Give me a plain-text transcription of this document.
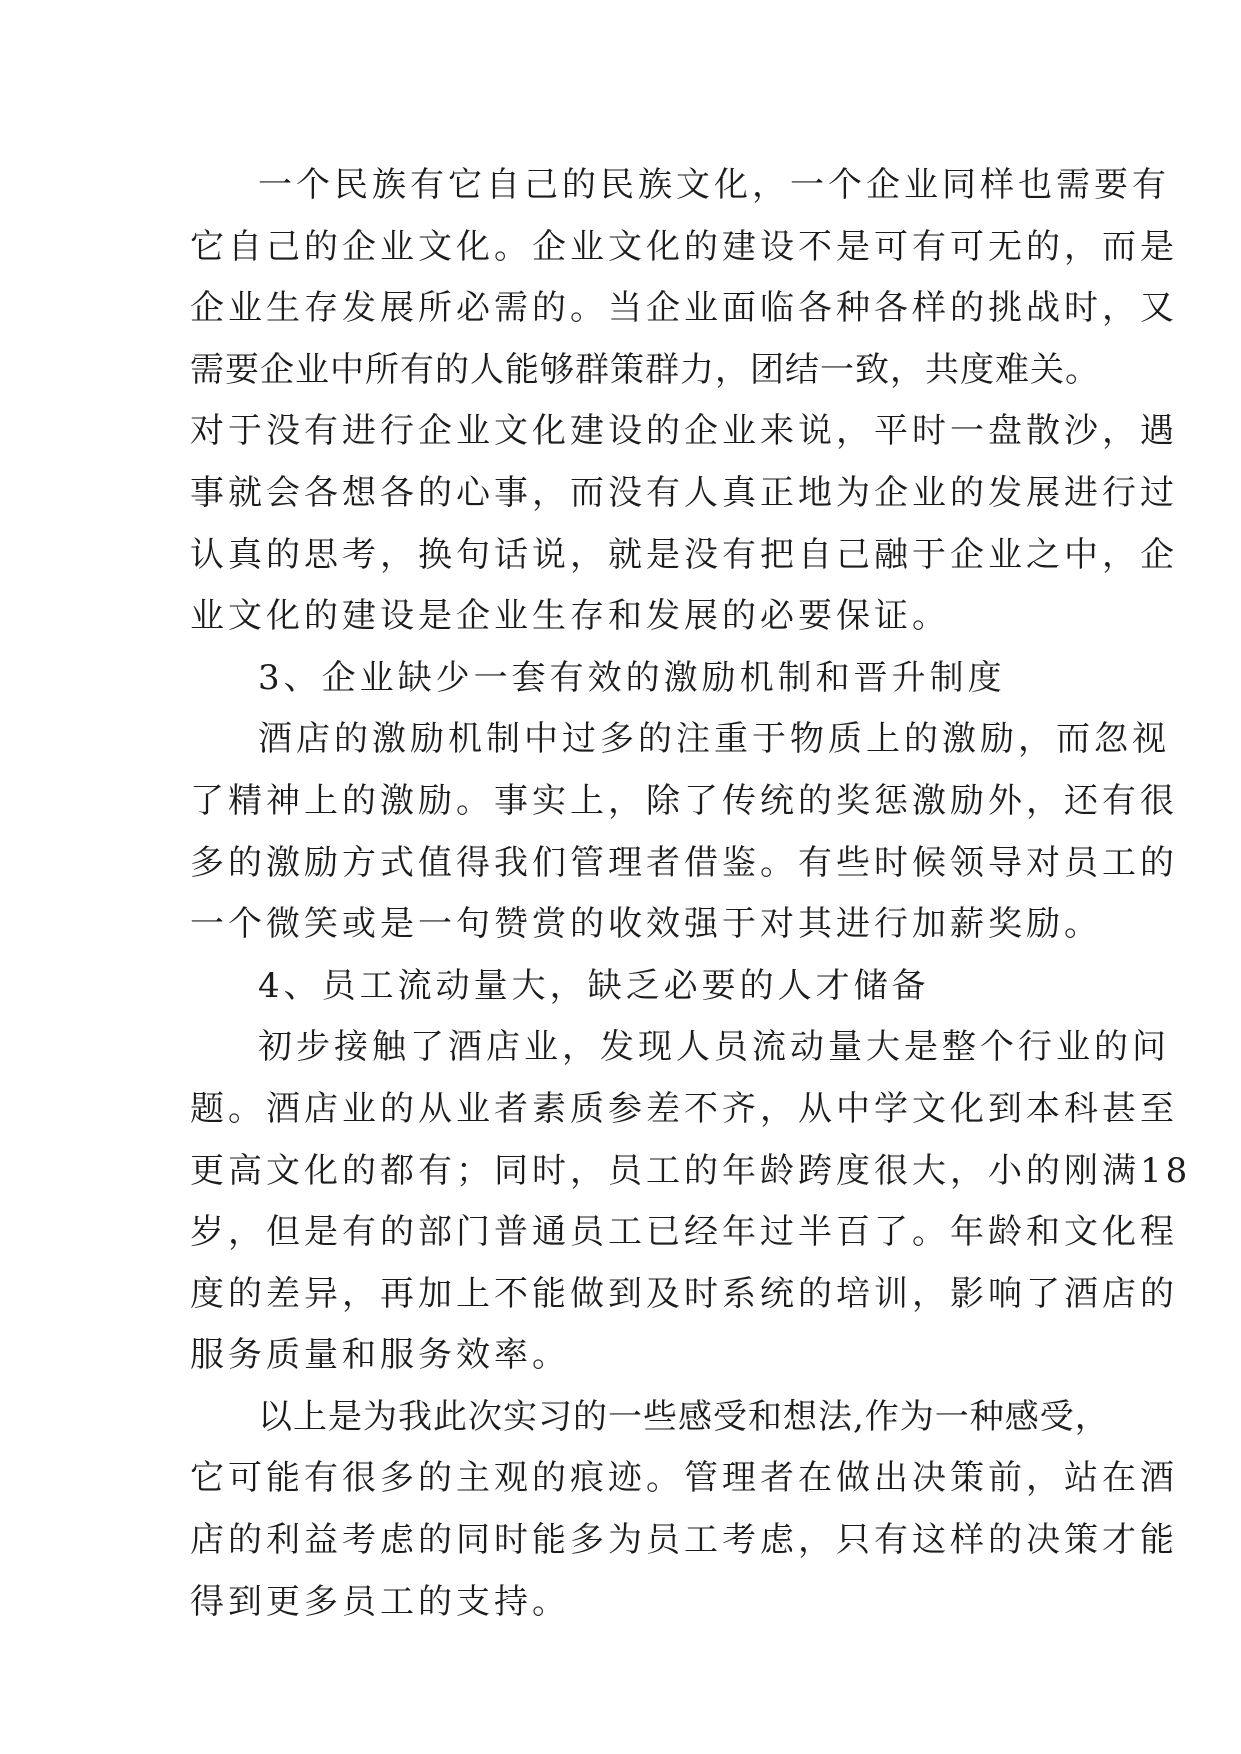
一个民族有它自己的民族文化，一个企业同样也需要有
它自己的企业文化。企业文化的建设不是可有可无的，而是
企业生存发展所必需的。当企业面临各种各样的挑战时，又
需要企业中所有的人能够群策群力，团结一致，共度难关。
对于没有进行企业文化建设的企业来说，平时一盘散沙，遇
事就会各想各的心事，而没有人真正地为企业的发展进行过
认真的思考，换句话说，就是没有把自己融于企业之中，企
业文化的建设是企业生存和发展的必要保证。
3、企业缺少一套有效的激励机制和晋升制度
酒店的激励机制中过多的注重于物质上的激励，而忽视
了精神上的激励。事实上，除了传统的奖惩激励外，还有很
多的激励方式值得我们管理者借鉴。有些时候领导对员工的
一个微笑或是一句赞赏的收效强于对其进行加薪奖励。
4、员工流动量大，缺乏必要的人才储备
初步接触了酒店业，发现人员流动量大是整个行业的问
题。酒店业的从业者素质参差不齐，从中学文化到本科甚至
更高文化的都有；同时，员工的年龄跨度很大，小的刚满18
岁，但是有的部门普通员工已经年过半百了。年龄和文化程
度的差异，再加上不能做到及时系统的培训，影响了酒店的
服务质量和服务效率。
以上是为我此次实习的一些感受和想法,作为一种感受，
它可能有很多的主观的痕迹。管理者在做出决策前，站在酒
店的利益考虑的同时能多为员工考虑，只有这样的决策才能
得到更多员工的支持。
